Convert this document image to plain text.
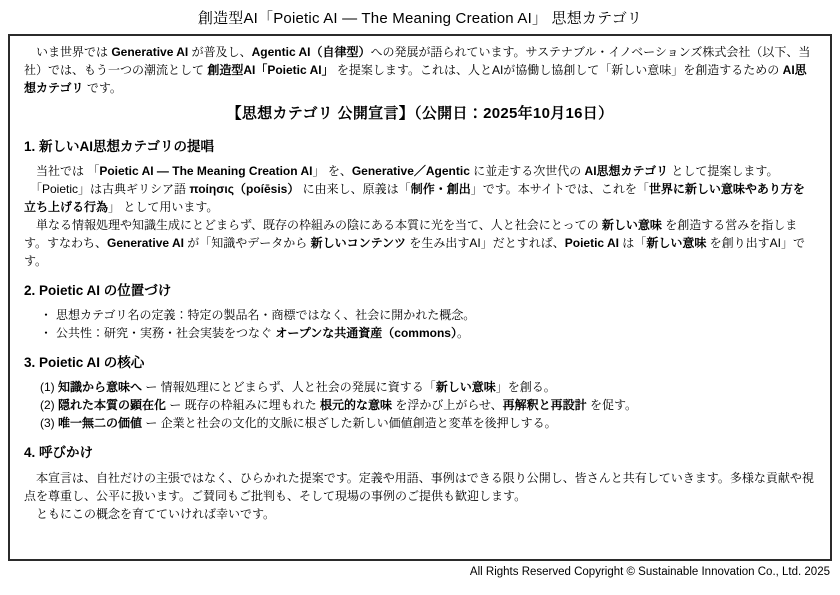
創造型AI「Poietic AI — The Meaning Creation AI」 思想カテゴリ

　いま世界では Generative AI が普及し、Agentic AI（自律型）への発展が語られています。サステナブル・イノベーションズ株式会社（以下、当社）では、もう一つの潮流として 創造型AI「Poietic AI」 を提案します。これは、人とAIが協働し協創して「新しい意味」を創造するための AI思想カテゴリ です。

【思想カテゴリ 公開宣言】（公開日：2025年10月16日）
1. 新しいAI思想カテゴリの提唱

　当社では 「Poietic AI — The Meaning Creation AI」 を、Generative／Agentic に並走する次世代の AI思想カテゴリ として提案します。

　「Poietic」は古典ギリシア語 ποίησις（poíēsis） に由来し、原義は「制作・創出」です。本サイトでは、これを「世界に新しい意味やあり方を立ち上げる行為」 として用います。

　単なる情報処理や知識生成にとどまらず、既存の枠組みの陰にある本質に光を当て、人と社会にとっての 新しい意味 を創造する営みを指します。すなわち、Generative AI が「知識やデータから 新しいコンテンツ を生み出すAI」だとすれば、Poietic AI は「新しい意味 を創り出すAI」です。

2. Poietic AI の位置づけ
・ 思想カテゴリ名の定義：特定の製品名・商標ではなく、社会に開かれた概念。
・ 公共性：研究・実務・社会実装をつなぐ オープンな共通資産（commons）。
3. Poietic AI の核心

(1) 知識から意味へ ー 情報処理にとどまらず、人と社会の発展に資する「新しい意味」を創る。

(2) 隠れた本質の顕在化 ー 既存の枠組みに埋もれた 根元的な意味 を浮かび上がらせ、再解釈と再設計 を促す。

(3) 唯一無二の価値 ー 企業と社会の文化的文脈に根ざした新しい価値創造と変革を後押しする。

4. 呼びかけ

　本宣言は、自社だけの主張ではなく、ひらかれた提案です。定義や用語、事例はできる限り公開し、皆さんと共有していきます。多様な貢献や視点を尊重し、公平に扱います。ご賛同もご批判も、そして現場の事例のご提供も歓迎します。

　ともにこの概念を育てていければ幸いです。

All Rights Reserved Copyright © Sustainable Innovation Co., Ltd. 2025
